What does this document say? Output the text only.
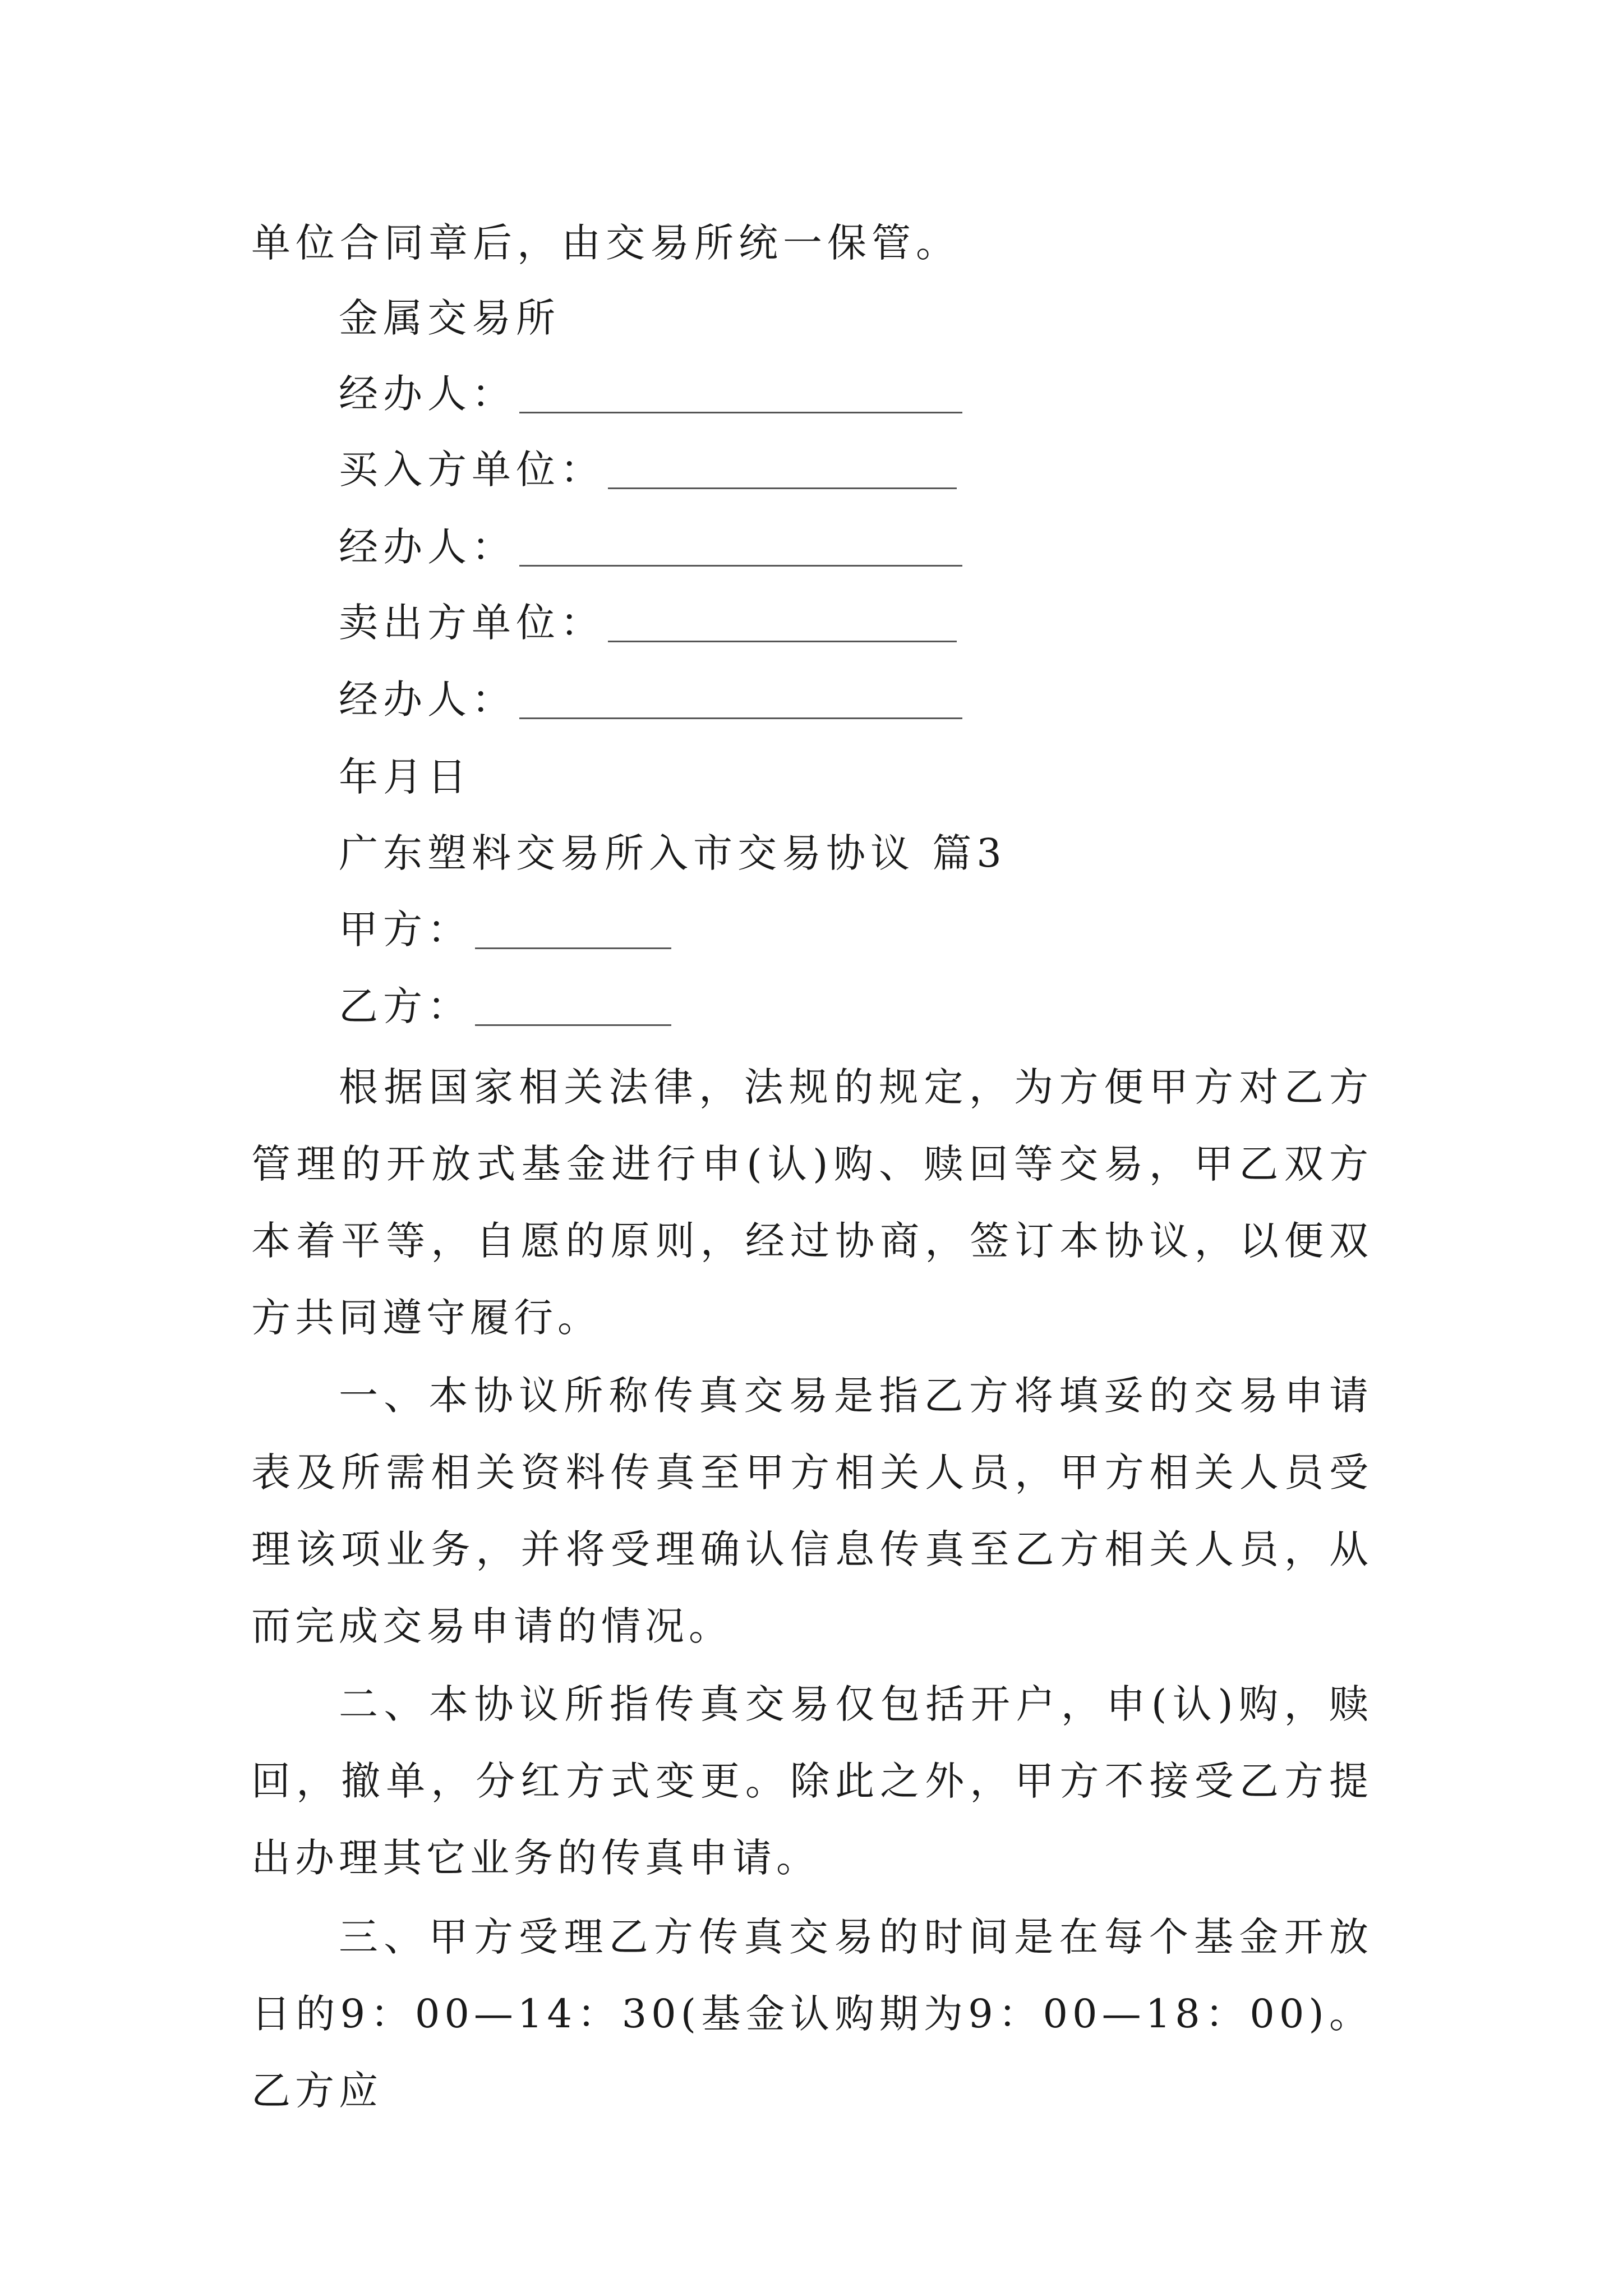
单位合同章后，由交易所统一保管。
金属交易所
经办人：
买入方单位：
经办人：
卖出方单位：
经办人：
年月日
广东塑料交易所入市交易协议 篇3
甲方：
乙方：
根据国家相关法律，法规的规定，为方便甲方对乙方管理的开放式基金进行申(认)购、赎回等交易，甲乙双方本着平等，自愿的原则，经过协商，签订本协议，以便双方共同遵守履行。
一、本协议所称传真交易是指乙方将填妥的交易申请表及所需相关资料传真至甲方相关人员，甲方相关人员受理该项业务，并将受理确认信息传真至乙方相关人员，从而完成交易申请的情况。
二、本协议所指传真交易仅包括开户，申(认)购，赎回，撤单，分红方式变更。除此之外，甲方不接受乙方提出办理其它业务的传真申请。
三、甲方受理乙方传真交易的时间是在每个基金开放日的9：00—14：30(基金认购期为9：00—18：00)。乙方应
